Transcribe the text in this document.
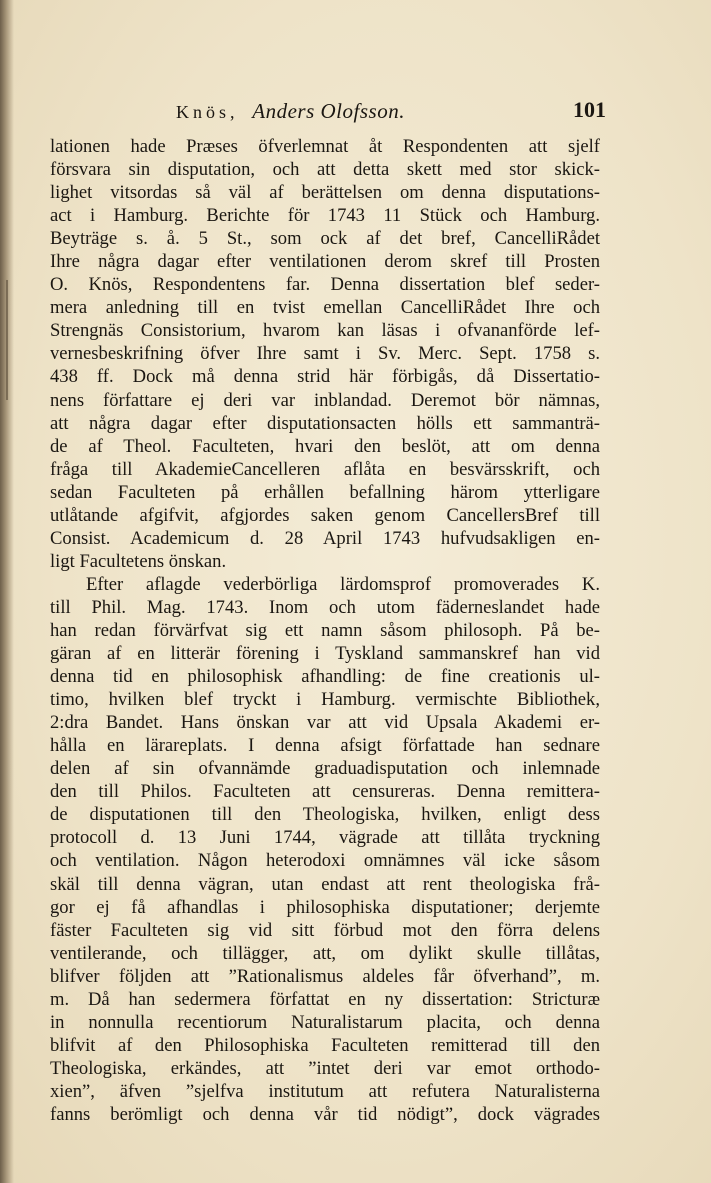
Knös, Anders Olofsson.	101
lationen hade Præses öfverlemnat åt Respondenten att sjelf
försvara sin disputation, och att detta skett med stor skick-
lighet vitsordas så väl af berättelsen om denna disputations-
act i Hamburg. Berichte för 1743 11 Stück och Hamburg.
Beyträge s. å. 5 St., som ock af det bref, CancelliRådet
Ihre några dagar efter ventilationen derom skref till Prosten
O. Knös, Respondentens far. Denna dissertation blef seder-
mera anledning till en tvist emellan CancelliRådet Ihre och
Strengnäs Consistorium, hvarom kan läsas i ofvananförde lef-
vernesbeskrifning öfver Ihre samt i Sv. Merc. Sept. 1758 s.
438 ff. Dock må denna strid här förbigås, då Dissertatio-
nens författare ej deri var inblandad. Deremot bör nämnas,
att några dagar efter disputationsacten hölls ett sammanträ-
de af Theol. Faculteten, hvari den beslöt, att om denna
fråga till AkademieCancelleren aflåta en besvärsskrift, och
sedan Faculteten på erhållen befallning härom ytterligare
utlåtande afgifvit, afgjordes saken genom CancellersBref till
Consist. Academicum d. 28 April 1743 hufvudsakligen en-
ligt Facultetens önskan.
Efter aflagde vederbörliga lärdomsprof promoverades K.
till Phil. Mag. 1743. Inom och utom fäderneslandet hade
han redan förvärfvat sig ett namn såsom philosoph. På be-
gäran af en litterär förening i Tyskland sammanskref han vid
denna tid en philosophisk afhandling: de fine creationis ul-
timo, hvilken blef tryckt i Hamburg. vermischte Bibliothek,
2:dra Bandet. Hans önskan var att vid Upsala Akademi er-
hålla en lärareplats. I denna afsigt författade han sednare
delen af sin ofvannämde graduadisputation och inlemnade
den till Philos. Faculteten att censureras. Denna remittera-
de disputationen till den Theologiska, hvilken, enligt dess
protocoll d. 13 Juni 1744, vägrade att tillåta tryckning
och ventilation. Någon heterodoxi omnämnes väl icke såsom
skäl till denna vägran, utan endast att rent theologiska frå-
gor ej få afhandlas i philosophiska disputationer; derjemte
fäster Faculteten sig vid sitt förbud mot den förra delens
ventilerande, och tillägger, att, om dylikt skulle tillåtas,
blifver följden att ”Rationalismus aldeles får öfverhand”, m.
m. Då han sedermera författat en ny dissertation: Stricturæ
in nonnulla recentiorum Naturalistarum placita, och denna
blifvit af den Philosophiska Faculteten remitterad till den
Theologiska, erkändes, att ”intet deri var emot orthodo-
xien”, äfven ”sjelfva institutum att refutera Naturalisterna
fanns berömligt och denna vår tid nödigt”, dock vägrades
